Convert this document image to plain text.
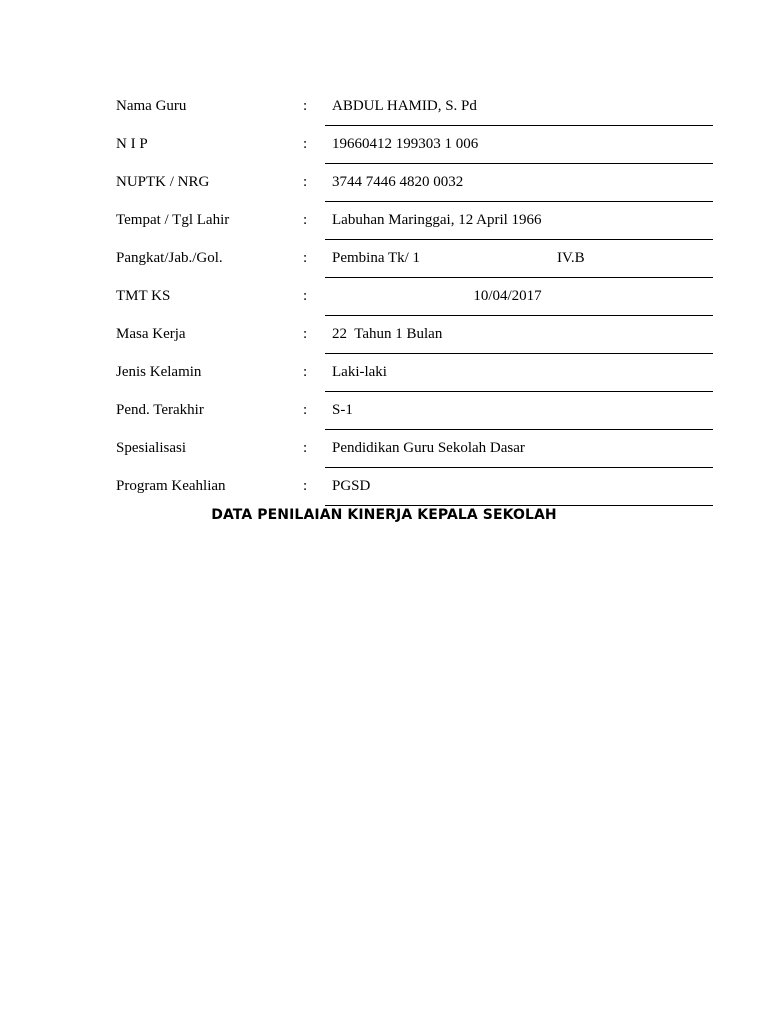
Nama Guru	: ABDUL HAMID, S. Pd
N I P	: 19660412 199303 1 006
NUPTK / NRG	: 3744 7446 4820 0032
Tempat / Tgl Lahir	: Labuhan Maringgai, 12 April 1966
Pangkat/Jab./Gol.	: Pembina Tk/ 1	IV.B
TMT KS	:	10/04/2017
Masa Kerja	: 22  Tahun 1 Bulan
Jenis Kelamin	: Laki-laki
Pend. Terakhir	: S-1
Spesialisasi	: Pendidikan Guru Sekolah Dasar
Program Keahlian	: PGSD
DATA PENILAIAN KINERJA KEPALA SEKOLAH
